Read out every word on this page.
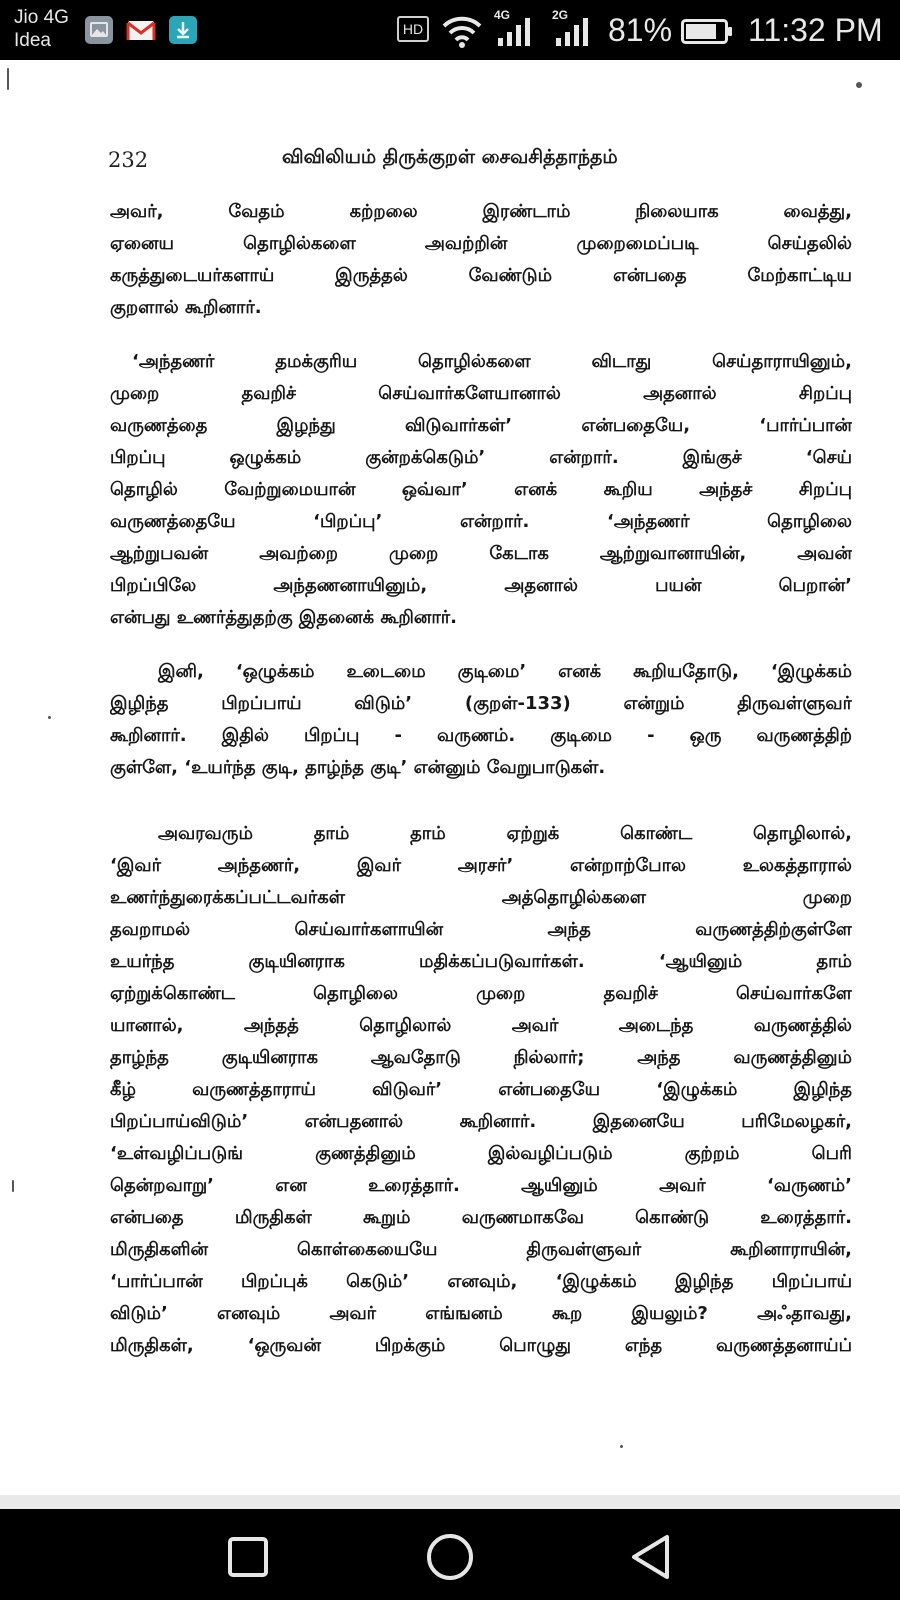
Jio 4G
Idea
HD
4G	2G 81% 11:32 PM
232	விவிலியம் திருக்குறள் சைவசித்தாந்தம்
அவர், வேதம் கற்றலை இரண்டாம் நிலையாக வைத்து,
ஏனைய தொழில்களை அவற்றின் முறைமைப்படி செய்தலில்
கருத்துடையர்களாய் இருத்தல் வேண்டும் என்பதை மேற்காட்டிய
குறளால் கூறினார்.
‘அந்தணர் தமக்குரிய தொழில்களை விடாது செய்தாராயினும்,
முறை தவறிச் செய்வார்களேயானால் அதனால் சிறப்பு
வருணத்தை இழந்து விடுவார்கள்’ என்பதையே, ‘பார்ப்பான்
பிறப்பு ஒழுக்கம் குன்றக்கெடும்’ என்றார். இங்குச் ‘செய்
தொழில் வேற்றுமையான் ஒவ்வா’ எனக் கூறிய அந்தச் சிறப்பு
வருணத்தையே ‘பிறப்பு’ என்றார். ‘அந்தணர் தொழிலை
ஆற்றுபவன் அவற்றை முறை கேடாக ஆற்றுவானாயின், அவன்
பிறப்பிலே அந்தணனாயினும், அதனால் பயன் பெறான்’
என்பது உணர்த்துதற்கு இதனைக் கூறினார்.
இனி, ‘ஒழுக்கம் உடைமை குடிமை’ எனக் கூறியதோடு, ‘இழுக்கம்
இழிந்த பிறப்பாய் விடும்’ (குறள்-133) என்றும் திருவள்ளுவர்
கூறினார். இதில் பிறப்பு - வருணம். குடிமை - ஒரு வருணத்திற்
குள்ளே, ‘உயர்ந்த குடி, தாழ்ந்த குடி’ என்னும் வேறுபாடுகள்.
அவரவரும் தாம் தாம் ஏற்றுக் கொண்ட தொழிலால்,
‘இவர் அந்தணர், இவர் அரசர்’ என்றாற்போல உலகத்தாரால்
உணர்ந்துரைக்கப்பட்டவர்கள் அத்தொழில்களை முறை
தவறாமல் செய்வார்களாயின் அந்த வருணத்திற்குள்ளே
உயர்ந்த குடியினராக மதிக்கப்படுவார்கள். ‘ஆயினும் தாம்
ஏற்றுக்கொண்ட தொழிலை முறை தவறிச் செய்வார்களே
யானால், அந்தத் தொழிலால் அவர் அடைந்த வருணத்தில்
தாழ்ந்த குடியினராக ஆவதோடு நில்லார்; அந்த வருணத்தினும்
கீழ் வருணத்தாராய் விடுவர்’ என்பதையே ‘இழுக்கம் இழிந்த
பிறப்பாய்விடும்’ என்பதனால் கூறினார். இதனையே பரிமேலழகர்,
‘உள்வழிப்படுங் குணத்தினும் இல்வழிப்படும் குற்றம் பெரி
தென்றவாறு’ என உரைத்தார். ஆயினும் அவர் ‘வருணம்’
என்பதை மிருதிகள் கூறும் வருணமாகவே கொண்டு உரைத்தார்.
மிருதிகளின் கொள்கையையே திருவள்ளுவர் கூறினாராயின்,
‘பார்ப்பான் பிறப்புக் கெடும்’ எனவும், ‘இழுக்கம் இழிந்த பிறப்பாய்
விடும்’ எனவும் அவர் எங்ஙனம் கூற இயலும்? அஃதாவது,
மிருதிகள், ‘ஒருவன் பிறக்கும் பொழுது எந்த வருணத்தனாய்ப்
